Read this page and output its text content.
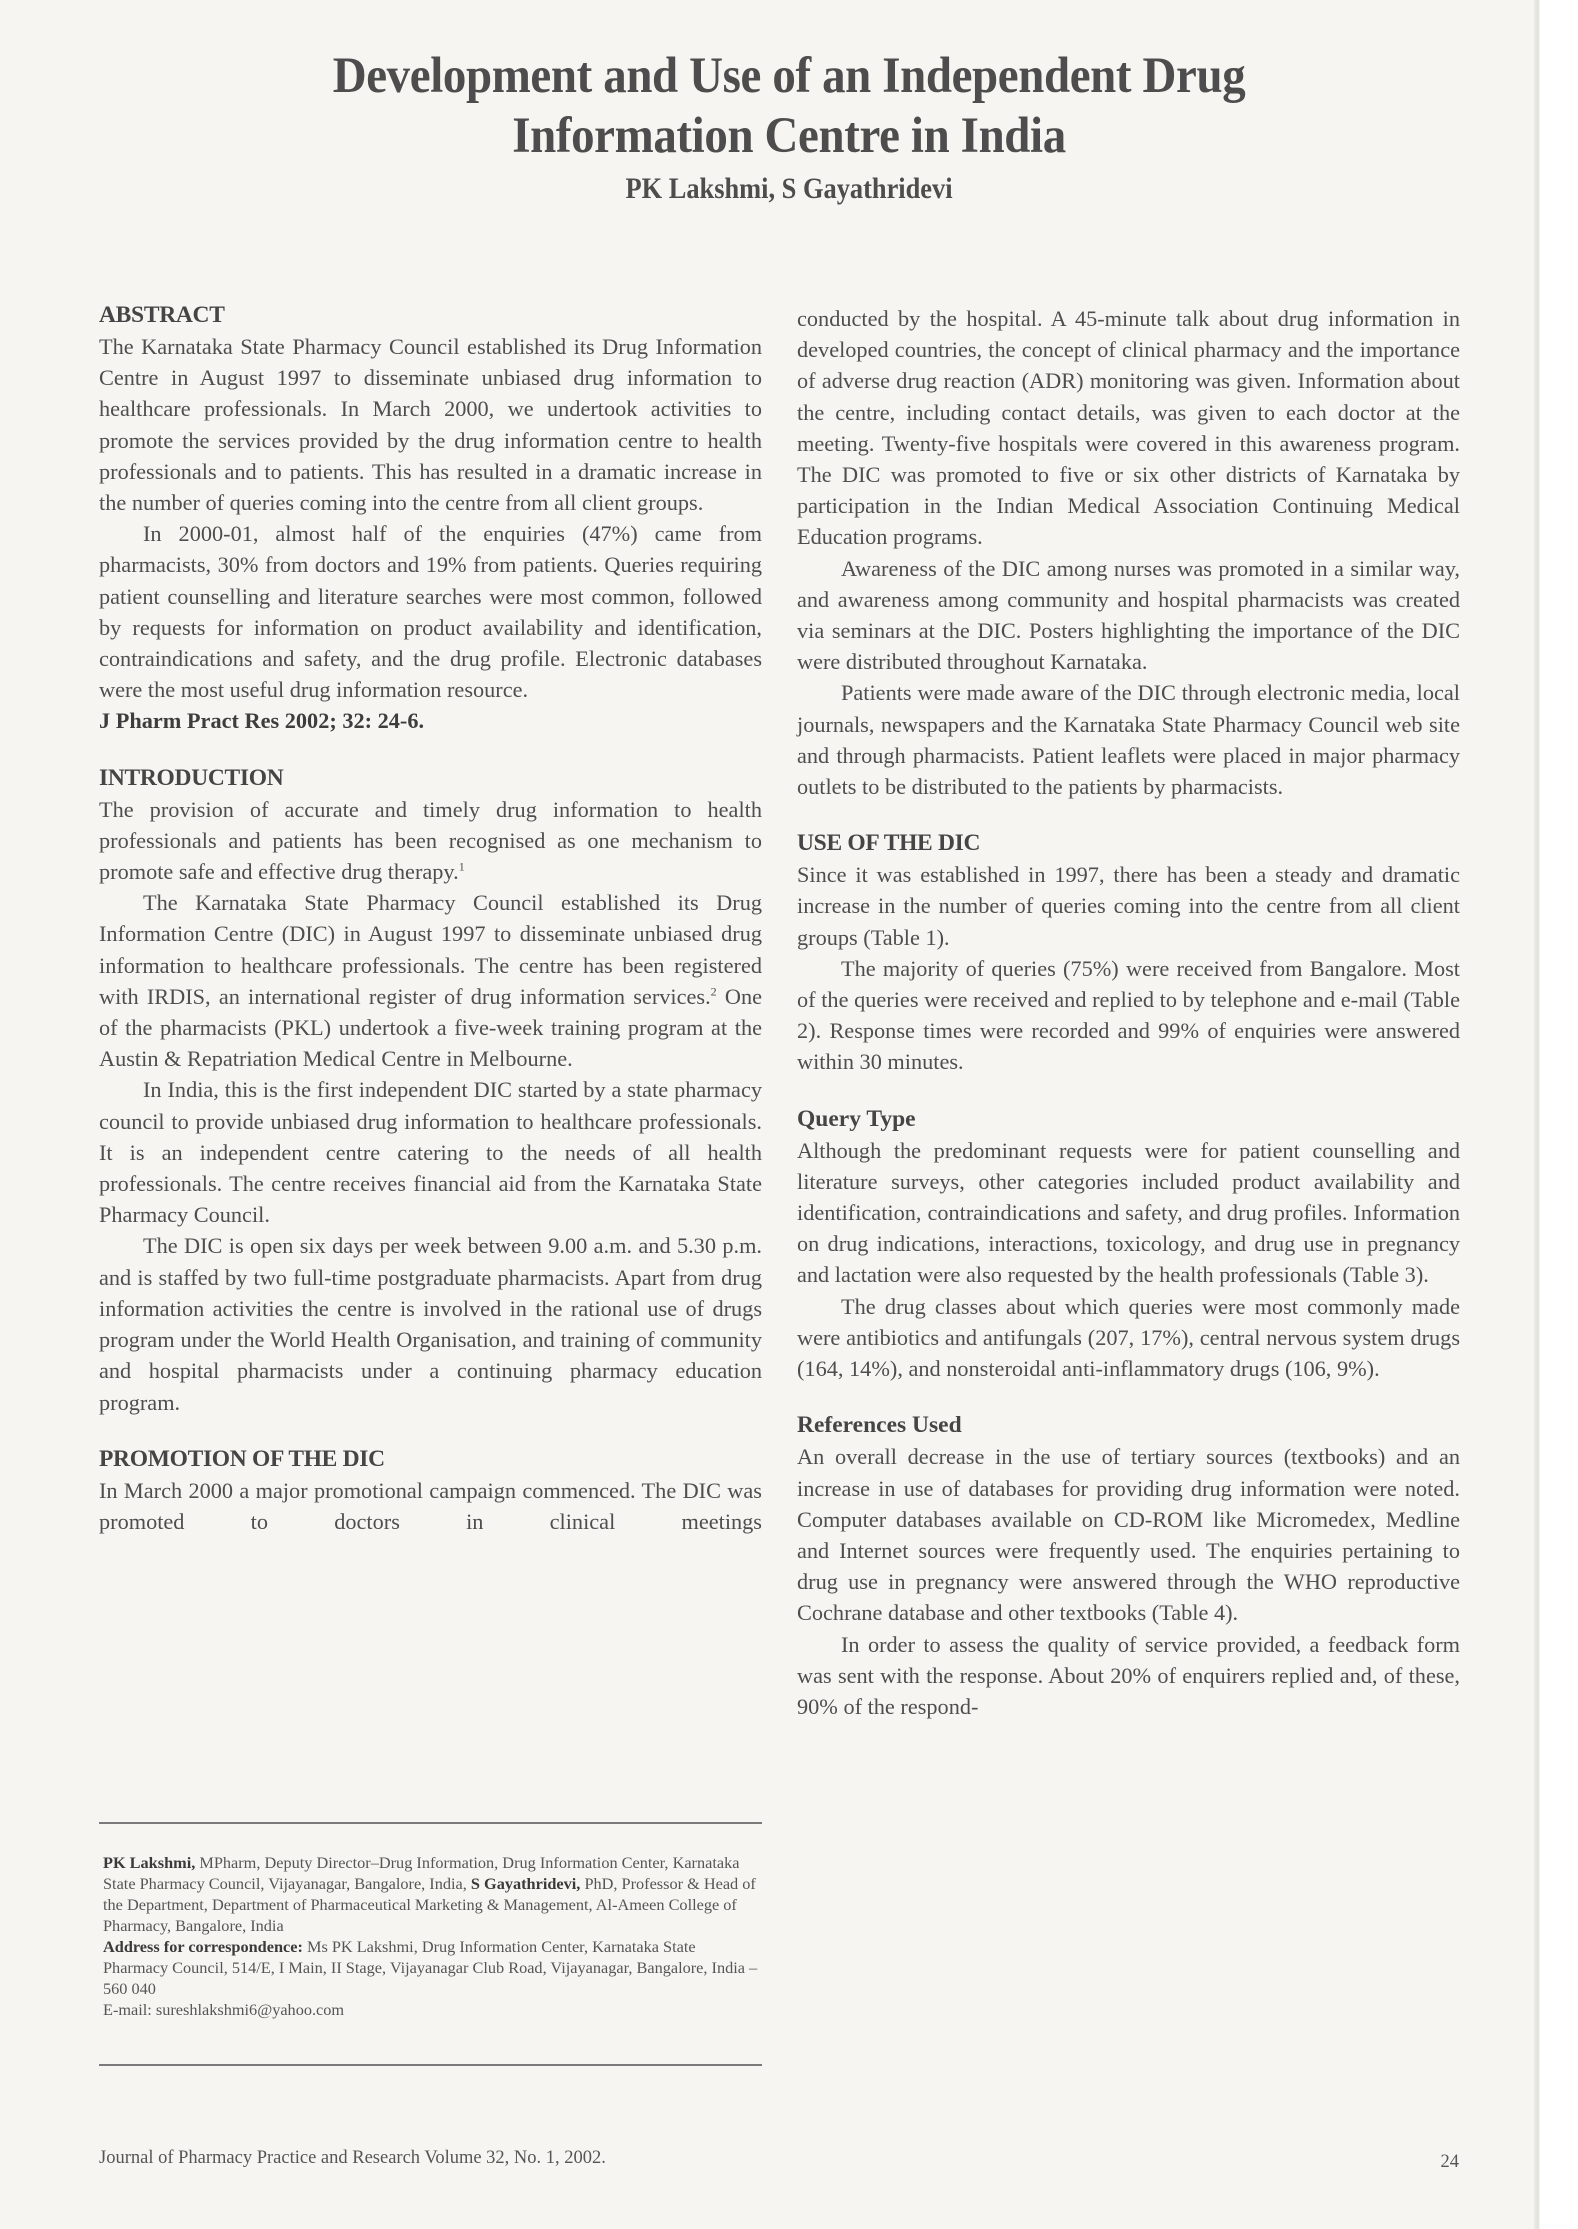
Development and Use of an Independent Drug
Information Centre in India
PK Lakshmi, S Gayathridevi
ABSTRACT

The Karnataka State Pharmacy Council established its Drug Information Centre in August 1997 to disseminate unbiased drug information to healthcare professionals. In March 2000, we undertook activities to promote the services provided by the drug information centre to health professionals and to patients. This has resulted in a dramatic increase in the number of queries coming into the centre from all client groups.

In 2000-01, almost half of the enquiries (47%) came from pharmacists, 30% from doctors and 19% from patients. Queries requiring patient counselling and literature searches were most common, followed by requests for information on product availability and identification, contraindications and safety, and the drug profile. Electronic databases were the most useful drug information resource.

J Pharm Pract Res 2002; 32: 24-6.

INTRODUCTION

The provision of accurate and timely drug information to health professionals and patients has been recognised as one mechanism to promote safe and effective drug therapy.$^1$

The Karnataka State Pharmacy Council established its Drug Information Centre (DIC) in August 1997 to disseminate unbiased drug information to healthcare professionals. The centre has been registered with IRDIS, an international register of drug information services.$^2$ One of the pharmacists (PKL) undertook a five-week training program at the Austin & Repatriation Medical Centre in Melbourne.

In India, this is the first independent DIC started by a state pharmacy council to provide unbiased drug information to healthcare professionals. It is an independent centre catering to the needs of all health professionals. The centre receives financial aid from the Karnataka State Pharmacy Council.

The DIC is open six days per week between 9.00 a.m. and 5.30 p.m. and is staffed by two full-time postgraduate pharmacists. Apart from drug information activities the centre is involved in the rational use of drugs program under the World Health Organisation, and training of community and hospital pharmacists under a continuing pharmacy education program.

PROMOTION OF THE DIC

In March 2000 a major promotional campaign commenced. The DIC was promoted to doctors in clinical meetings

PK Lakshmi, MPharm, Deputy Director–Drug Information, Drug Information Center, Karnataka State Pharmacy Council, Vijayanagar, Bangalore, India, S Gayathridevi, PhD, Professor & Head of the Department, Department of Pharmaceutical Marketing & Management, Al-Ameen College of Pharmacy, Bangalore, India
Address for correspondence: Ms PK Lakshmi, Drug Information Center, Karnataka State Pharmacy Council, 514/E, I Main, II Stage, Vijayanagar Club Road, Vijayanagar, Bangalore, India – 560 040
E-mail: sureshlakshmi6@yahoo.com

conducted by the hospital. A 45-minute talk about drug information in developed countries, the concept of clinical pharmacy and the importance of adverse drug reaction (ADR) monitoring was given. Information about the centre, including contact details, was given to each doctor at the meeting. Twenty-five hospitals were covered in this awareness program. The DIC was promoted to five or six other districts of Karnataka by participation in the Indian Medical Association Continuing Medical Education programs.

Awareness of the DIC among nurses was promoted in a similar way, and awareness among community and hospital pharmacists was created via seminars at the DIC. Posters highlighting the importance of the DIC were distributed throughout Karnataka.

Patients were made aware of the DIC through electronic media, local journals, newspapers and the Karnataka State Pharmacy Council web site and through pharmacists. Patient leaflets were placed in major pharmacy outlets to be distributed to the patients by pharmacists.

USE OF THE DIC

Since it was established in 1997, there has been a steady and dramatic increase in the number of queries coming into the centre from all client groups (Table 1).

The majority of queries (75%) were received from Bangalore. Most of the queries were received and replied to by telephone and e-mail (Table 2). Response times were recorded and 99% of enquiries were answered within 30 minutes.

Query Type

Although the predominant requests were for patient counselling and literature surveys, other categories included product availability and identification, contraindications and safety, and drug profiles. Information on drug indications, interactions, toxicology, and drug use in pregnancy and lactation were also requested by the health professionals (Table 3).

The drug classes about which queries were most commonly made were antibiotics and antifungals (207, 17%), central nervous system drugs (164, 14%), and nonsteroidal anti-inflammatory drugs (106, 9%).

References Used

An overall decrease in the use of tertiary sources (textbooks) and an increase in use of databases for providing drug information were noted. Computer databases available on CD-ROM like Micromedex, Medline and Internet sources were frequently used. The enquiries pertaining to drug use in pregnancy were answered through the WHO reproductive Cochrane database and other textbooks (Table 4).

In order to assess the quality of service provided, a feedback form was sent with the response. About 20% of enquirers replied and, of these, 90% of the respond-

Journal of Pharmacy Practice and Research Volume 32, No. 1, 2002.	24
